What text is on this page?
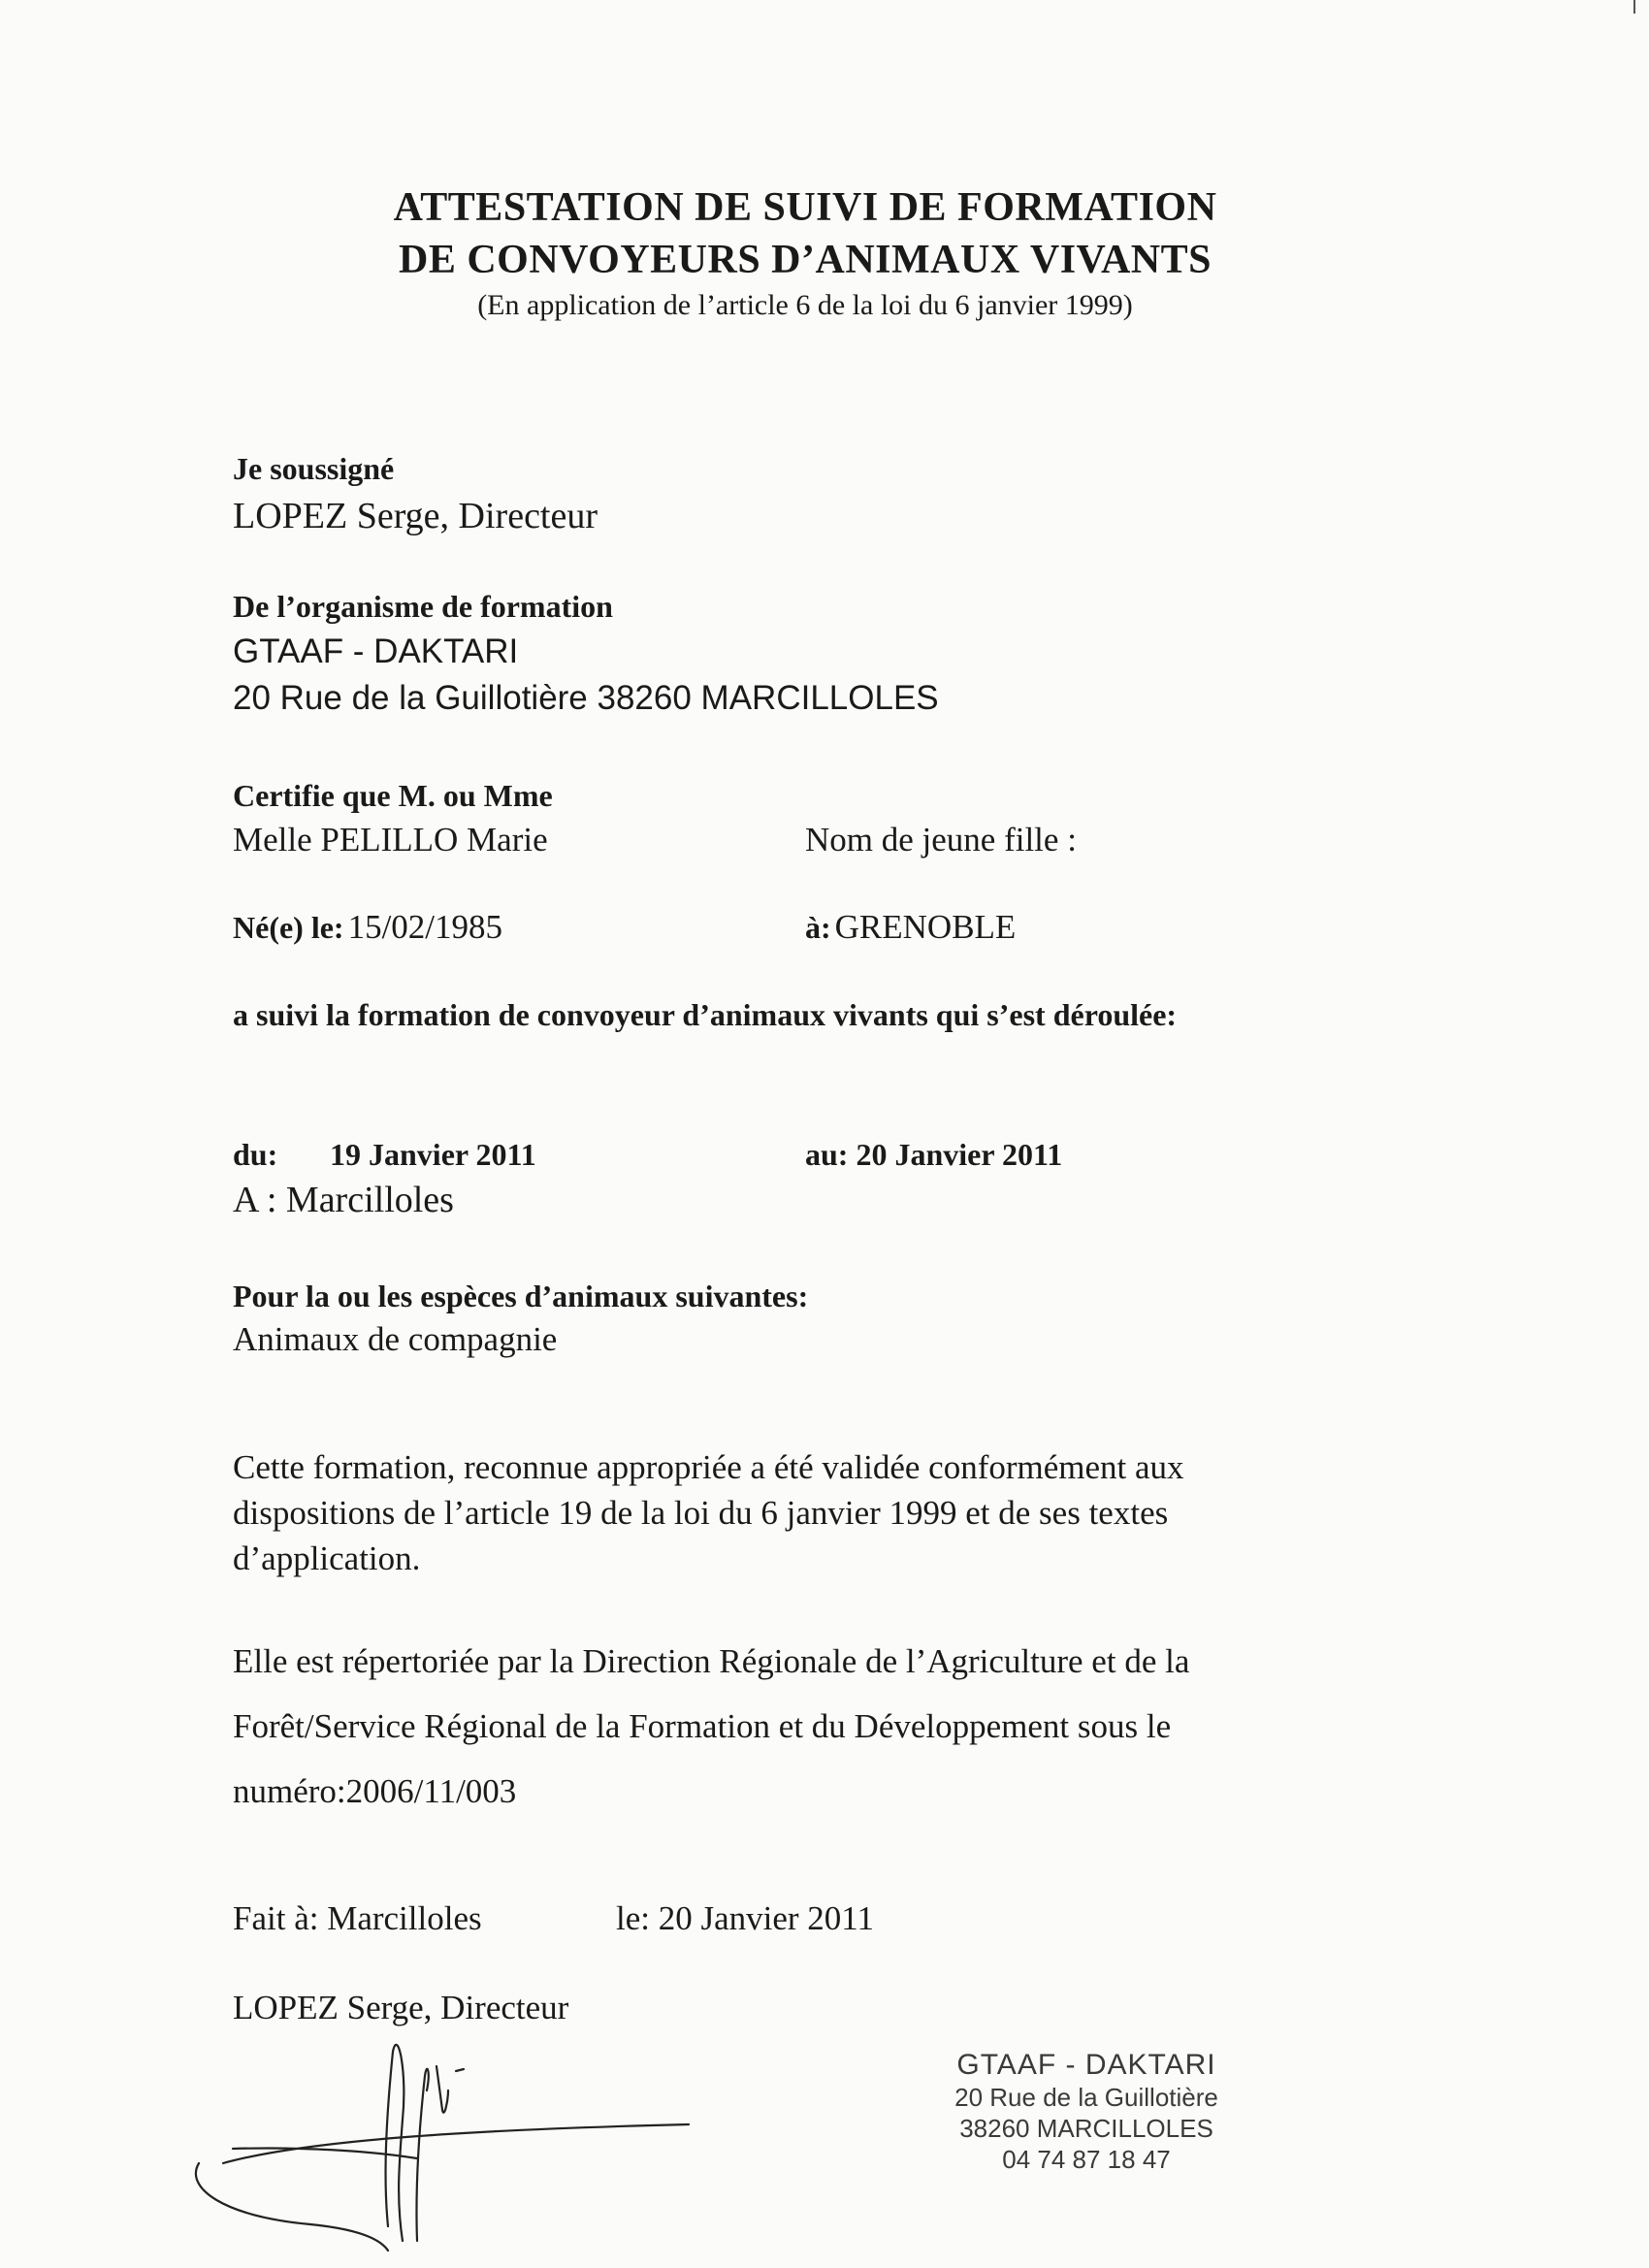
ATTESTATION DE SUIVI DE FORMATION
DE CONVOYEURS D’ANIMAUX VIVANTS
(En application de l’article 6 de la loi du 6 janvier 1999)
Je soussigné
LOPEZ Serge, Directeur
De l’organisme de formation
GTAAF - DAKTARI
20 Rue de la Guillotière 38260 MARCILLOLES
Certifie que M. ou Mme
Melle PELILLO Marie	Nom de jeune fille :
Né(e) le: 15/02/1985	à: GRENOBLE
a suivi la formation de convoyeur d’animaux vivants qui s’est déroulée:
du: 19 Janvier 2011	au: 20 Janvier 2011
A : Marcilloles
Pour la ou les espèces d’animaux suivantes:
Animaux de compagnie
Cette formation, reconnue appropriée a été validée conformément aux
dispositions de l’article 19 de la loi du 6 janvier 1999 et de ses textes
d’application.
Elle est répertoriée par la Direction Régionale de l’Agriculture et de la
Forêt/Service Régional de la Formation et du Développement sous le
numéro:2006/11/003
Fait à: Marcilloles	le: 20 Janvier 2011
LOPEZ Serge, Directeur
GTAAF - DAKTARI
20 Rue de la Guillotière
38260 MARCILLOLES
04 74 87 18 47
